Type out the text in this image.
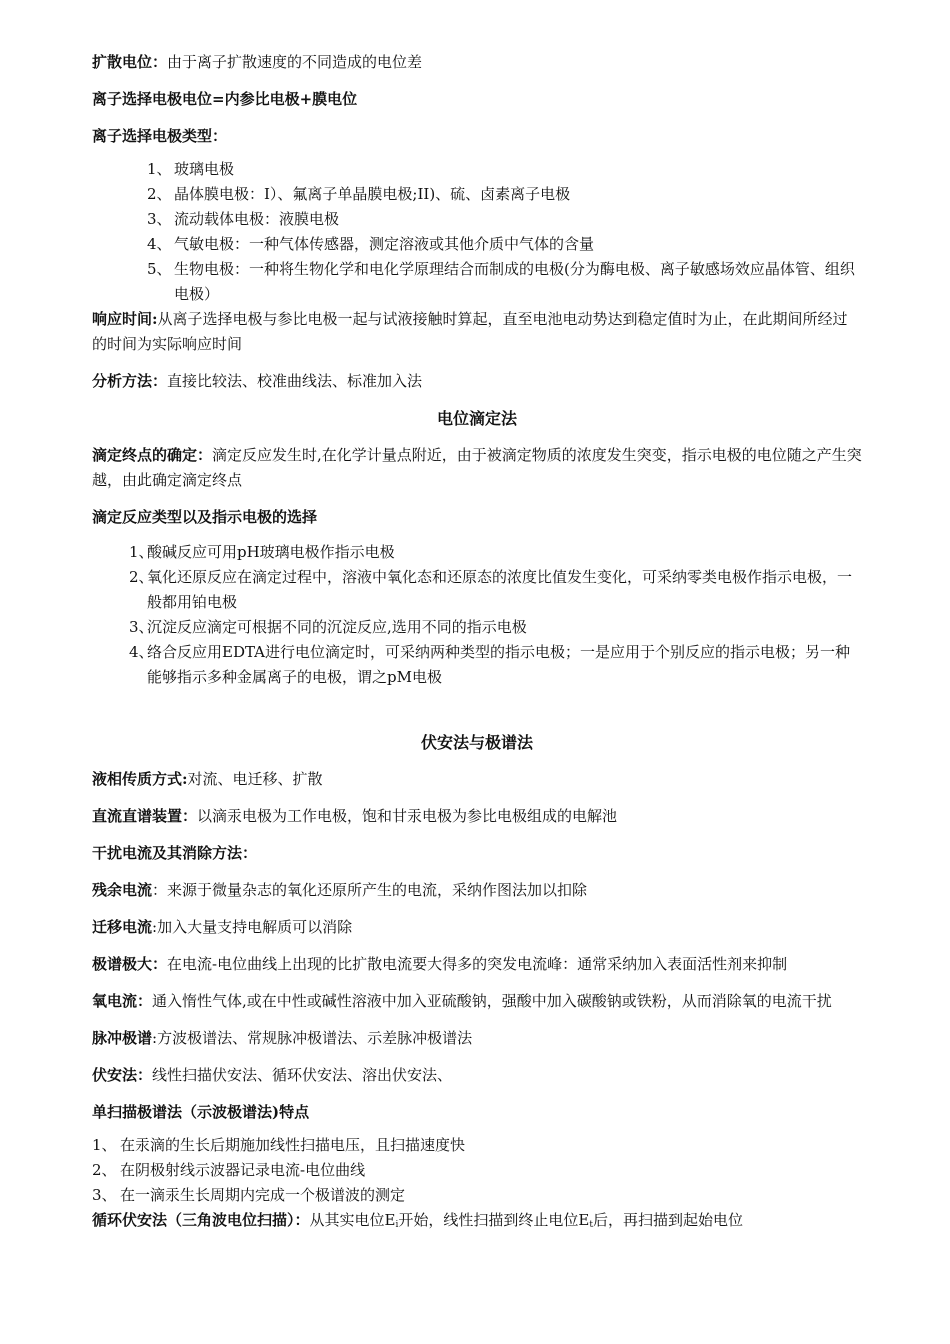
扩散电位：由于离子扩散速度的不同造成的电位差
离子选择电极电位=内参比电极+膜电位
离子选择电极类型：
1、 玻璃电极
2、 晶体膜电极：I）、氟离子单晶膜电极;II)、硫、卤素离子电极
3、 流动载体电极：液膜电极
4、 气敏电极：一种气体传感器，测定溶液或其他介质中气体的含量
5、 生物电极：一种将生物化学和电化学原理结合而制成的电极(分为酶电极、离子敏感场效应晶体管、组织电极）
响应时间:从离子选择电极与参比电极一起与试液接触时算起，直至电池电动势达到稳定值时为止，在此期间所经过的时间为实际响应时间
分析方法：直接比较法、校准曲线法、标准加入法
电位滴定法
滴定终点的确定：滴定反应发生时,在化学计量点附近，由于被滴定物质的浓度发生突变，指示电极的电位随之产生突越，由此确定滴定终点
滴定反应类型以及指示电极的选择
1、
酸碱反应可用pH玻璃电极作指示电极
2、
氧化还原反应在滴定过程中，溶液中氧化态和还原态的浓度比值发生变化，可采纳零类电极作指示电极，一般都用铂电极
3、
沉淀反应滴定可根据不同的沉淀反应,选用不同的指示电极
4、
络合反应用EDTA进行电位滴定时，可采纳两种类型的指示电极；一是应用于个别反应的指示电极；另一种能够指示多种金属离子的电极，谓之pM电极
伏安法与极谱法
液相传质方式:对流、电迁移、扩散
直流直谱装置：以滴汞电极为工作电极，饱和甘汞电极为参比电极组成的电解池
干扰电流及其消除方法：
残余电流：来源于微量杂志的氧化还原所产生的电流，采纳作图法加以扣除
迁移电流:加入大量支持电解质可以消除
极谱极大：在电流-电位曲线上出现的比扩散电流要大得多的突发电流峰：通常采纳加入表面活性剂来抑制
氧电流：通入惰性气体,或在中性或碱性溶液中加入亚硫酸钠，强酸中加入碳酸钠或铁粉，从而消除氧的电流干扰
脉冲极谱:方波极谱法、常规脉冲极谱法、示差脉冲极谱法
伏安法：线性扫描伏安法、循环伏安法、溶出伏安法、
单扫描极谱法（示波极谱法)特点
1、 在汞滴的生长后期施加线性扫描电压，且扫描速度快
2、 在阴极射线示波器记录电流-电位曲线
3、 在一滴汞生长周期内完成一个极谱波的测定
循环伏安法（三角波电位扫描）：从其实电位$E_i$开始，线性扫描到终止电位$E_t$后，再扫描到起始电位
